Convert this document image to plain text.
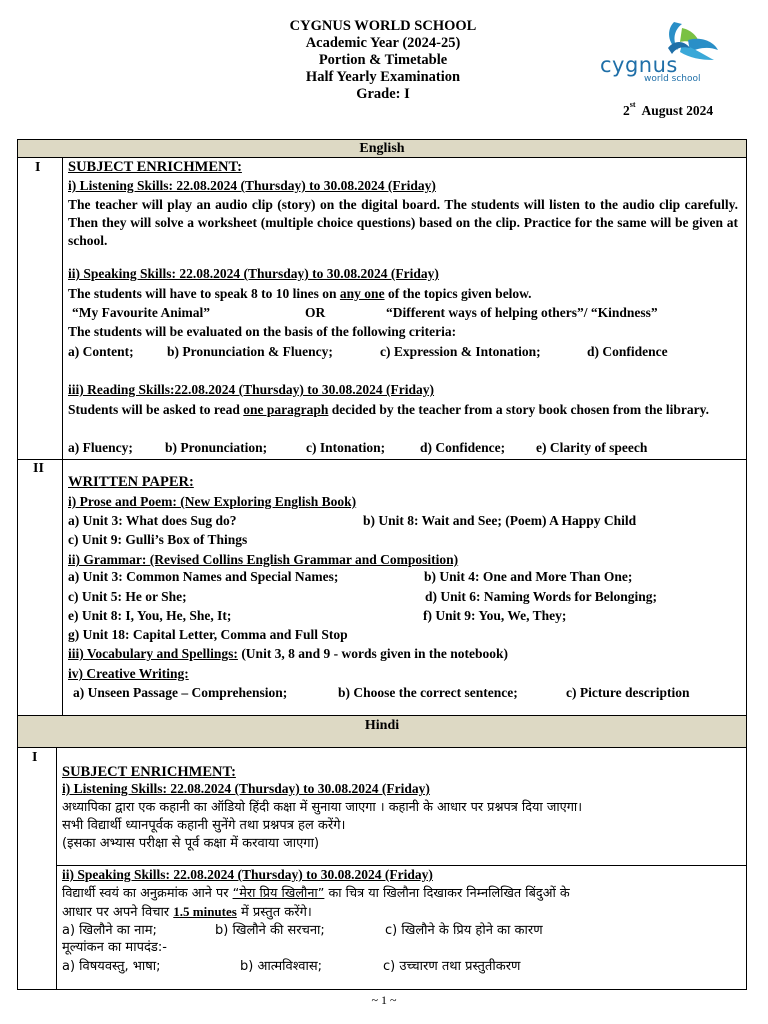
CYGNUS WORLD SCHOOL
Academic Year (2024-25)
Portion & Timetable
Half Yearly Examination
Grade: I
cygnus
world school
2st August 2024
English
I SUBJECT ENRICHMENT:
i) Listening Skills: 22.08.2024 (Thursday) to 30.08.2024 (Friday)
The teacher will play an audio clip (story) on the digital board. The students will listen to the audio clip carefully. Then they will solve a worksheet (multiple choice questions) based on the clip. Practice for the same will be given at school.
ii) Speaking Skills: 22.08.2024 (Thursday) to 30.08.2024 (Friday)
The students will have to speak 8 to 10 lines on any one of the topics given below.
“My Favourite Animal”	OR	“Different ways of helping others”/ “Kindness”
The students will be evaluated on the basis of the following criteria:
a) Content; b) Pronunciation & Fluency;	c) Expression & Intonation;	d) Confidence
iii) Reading Skills:22.08.2024 (Thursday) to 30.08.2024 (Friday)
Students will be asked to read one paragraph decided by the teacher from a story book chosen from the library.
a) Fluency; b) Pronunciation;	c) Intonation;	d) Confidence; e) Clarity of speech
II
WRITTEN PAPER:
i) Prose and Poem: (New Exploring English Book)
a) Unit 3: What does Sug do?	b) Unit 8: Wait and See; (Poem) A Happy Child
c) Unit 9: Gulli’s Box of Things
ii) Grammar: (Revised Collins English Grammar and Composition)
a) Unit 3: Common Names and Special Names;	b) Unit 4: One and More Than One;
c) Unit 5: He or She;	d) Unit 6: Naming Words for Belonging;
e) Unit 8: I, You, He, She, It;	f) Unit 9: You, We, They;
g) Unit 18: Capital Letter, Comma and Full Stop
iii) Vocabulary and Spellings: (Unit 3, 8 and 9 - words given in the notebook)
iv) Creative Writing:
a) Unseen Passage – Comprehension;	b) Choose the correct sentence;	c) Picture description
Hindi
I
SUBJECT ENRICHMENT:
i) Listening Skills: 22.08.2024 (Thursday) to 30.08.2024 (Friday)
अध्यापिका द्वारा एक कहानी का ऑडियो हिंदी कक्षा में सुनाया जाएगा । कहानी के आधार पर प्रश्नपत्र दिया जाएगा।
सभी विद्यार्थी ध्यानपूर्वक कहानी सुनेंगे तथा प्रश्नपत्र हल करेंगे।
(इसका अभ्यास परीक्षा से पूर्व कक्षा में करवाया जाएगा)
ii) Speaking Skills: 22.08.2024 (Thursday) to 30.08.2024 (Friday)
विद्यार्थी स्वयं का अनुक्रमांक आने पर “मेरा प्रिय खिलौना” का चित्र या खिलौना दिखाकर निम्नलिखित बिंदुओं के
आधार पर अपने विचार 1.5 minutes में प्रस्तुत करेंगे।
a) खिलौने का नाम;	b) खिलौने की सरचना;	c) खिलौने के प्रिय होने का कारण
मूल्यांकन का मापदंड:-
a) विषयवस्तु, भाषा;	b) आत्मविश्वास;	c) उच्चारण तथा प्रस्तुतीकरण
~ 1 ~
